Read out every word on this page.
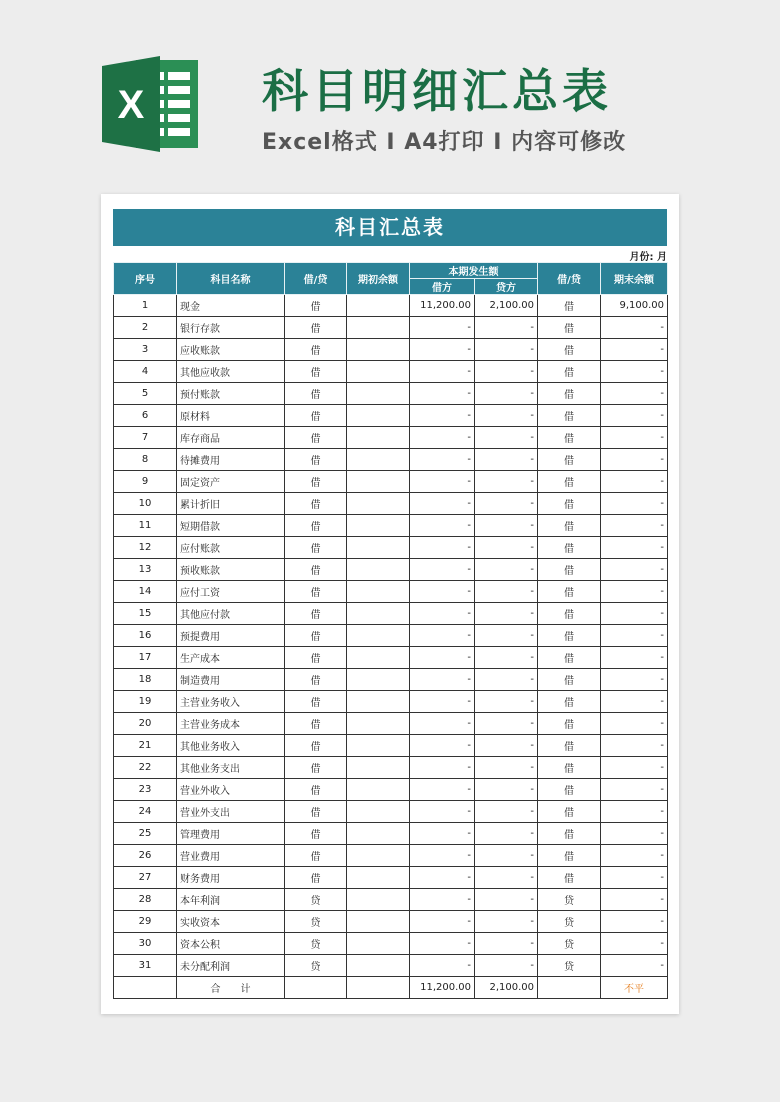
X	科目明细汇总表
Excel格式 I A4打印 I 内容可修改
科目汇总表
月份: 月
序号	科目名称	借/贷	期初余额	本期发生额		借/贷	期末余额
				借方	贷方		
1	现金	借		11,200.00	2,100.00	借	9,100.00
2	银行存款	借		-	-	借	-
3	应收账款	借		-	-	借	-
4	其他应收款	借		-	-	借	-
5	预付账款	借		-	-	借	-
6	原材料	借		-	-	借	-
7	库存商品	借		-	-	借	-
8	待摊费用	借		-	-	借	-
9	固定资产	借		-	-	借	-
10	累计折旧	借		-	-	借	-
11	短期借款	借		-	-	借	-
12	应付账款	借		-	-	借	-
13	预收账款	借		-	-	借	-
14	应付工资	借		-	-	借	-
15	其他应付款	借		-	-	借	-
16	预提费用	借		-	-	借	-
17	生产成本	借		-	-	借	-
18	制造费用	借		-	-	借	-
19	主营业务收入	借		-	-	借	-
20	主营业务成本	借		-	-	借	-
21	其他业务收入	借		-	-	借	-
22	其他业务支出	借		-	-	借	-
23	营业外收入	借		-	-	借	-
24	营业外支出	借		-	-	借	-
25	管理费用	借		-	-	借	-
26	营业费用	借		-	-	借	-
27	财务费用	借		-	-	借	-
28	本年利润	贷		-	-	贷	-
29	实收资本	贷		-	-	贷	-
30	资本公积	贷		-	-	贷	-
31	未分配利润	贷		-	-	贷	-
	合　　计			11,200.00	2,100.00		不平
